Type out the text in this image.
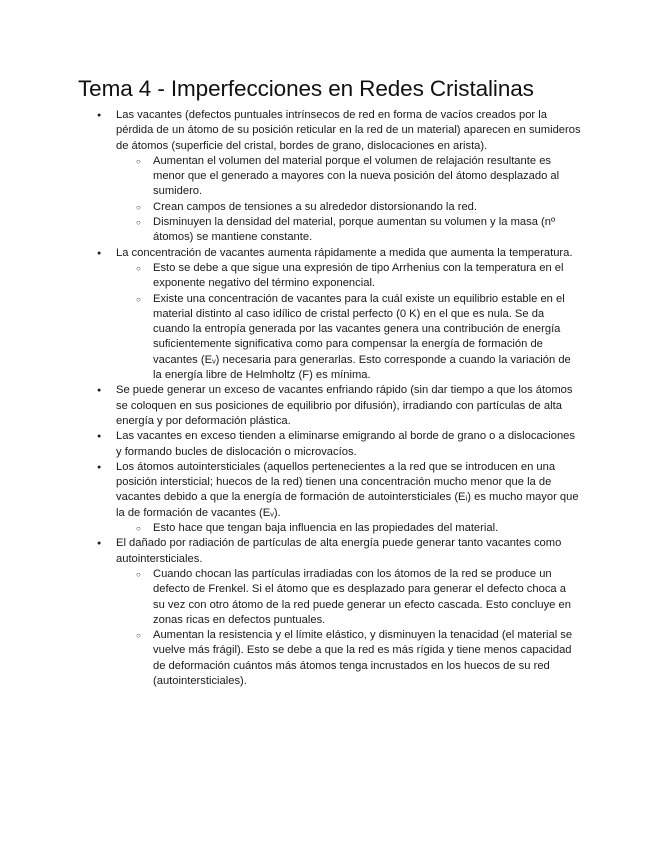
Tema 4 - Imperfecciones en Redes Cristalinas
● Las vacantes (defectos puntuales intrínsecos de red en forma de vacíos creados por la pérdida de un átomo de su posición reticular en la red de un material) aparecen en sumideros de átomos (superficie del cristal, bordes de grano, dislocaciones en arista).
○ Aumentan el volumen del material porque el volumen de relajación resultante es menor que el generado a mayores con la nueva posición del átomo desplazado al sumidero.
○ Crean campos de tensiones a su alrededor distorsionando la red.
○ Disminuyen la densidad del material, porque aumentan su volumen y la masa (nº átomos) se mantiene constante.
● La concentración de vacantes aumenta rápidamente a medida que aumenta la temperatura.
○ Esto se debe a que sigue una expresión de tipo Arrhenius con la temperatura en el exponente negativo del término exponencial.
○ Existe una concentración de vacantes para la cuál existe un equilibrio estable en el material distinto al caso idílico de cristal perfecto (0 K) en el que es nula. Se da cuando la entropía generada por las vacantes genera una contribución de energía suficientemente significativa como para compensar la energía de formación de vacantes (Eᵥ) necesaria para generarlas. Esto corresponde a cuando la variación de la energía libre de Helmholtz (F) es mínima.
● Se puede generar un exceso de vacantes enfriando rápido (sin dar tiempo a que los átomos se coloquen en sus posiciones de equilibrio por difusión), irradiando con partículas de alta energía y por deformación plástica.
● Las vacantes en exceso tienden a eliminarse emigrando al borde de grano o a dislocaciones y formando bucles de dislocación o microvacíos.
● Los átomos autointersticiales (aquellos pertenecientes a la red que se introducen en una posición intersticial; huecos de la red) tienen una concentración mucho menor que la de vacantes debido a que la energía de formación de autointersticiales (Eᵢ) es mucho mayor que la de formación de vacantes (Eᵥ).
○ Esto hace que tengan baja influencia en las propiedades del material.
● El dañado por radiación de partículas de alta energía puede generar tanto vacantes como autointersticiales.
○ Cuando chocan las partículas irradiadas con los átomos de la red se produce un defecto de Frenkel. Si el átomo que es desplazado para generar el defecto choca a su vez con otro átomo de la red puede generar un efecto cascada. Esto concluye en zonas ricas en defectos puntuales.
○ Aumentan la resistencia y el límite elástico, y disminuyen la tenacidad (el material se vuelve más frágil). Esto se debe a que la red es más rígida y tiene menos capacidad de deformación cuántos más átomos tenga incrustados en los huecos de su red (autointersticiales).
